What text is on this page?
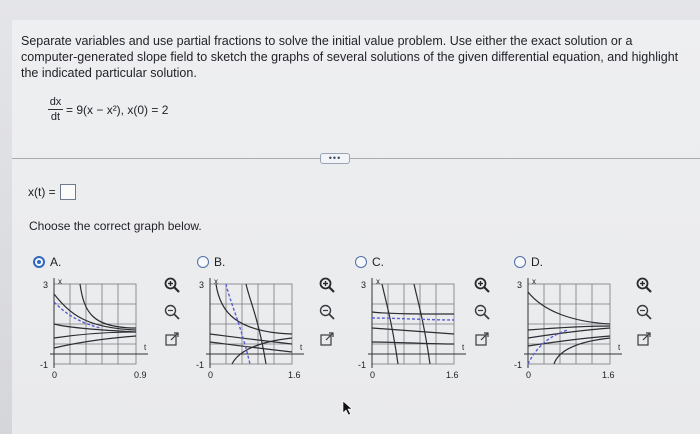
Separate variables and use partial fractions to solve the initial value problem. Use either the exact solution or a computer-generated slope field to sketch the graphs of several solutions of the given differential equation, and highlight the indicated particular solution.
$\frac{dx}{dt} = 9(x - x^2)$, x(0) = 2
•••
x(t) =
Choose the correct graph below.
A.
3
-1
0	0.9
t
x
B.
3
-1
0	1.6
t
x
C.
3
-1
0	1.6
t
x
D.
3
-1
0	1.6
t
x
